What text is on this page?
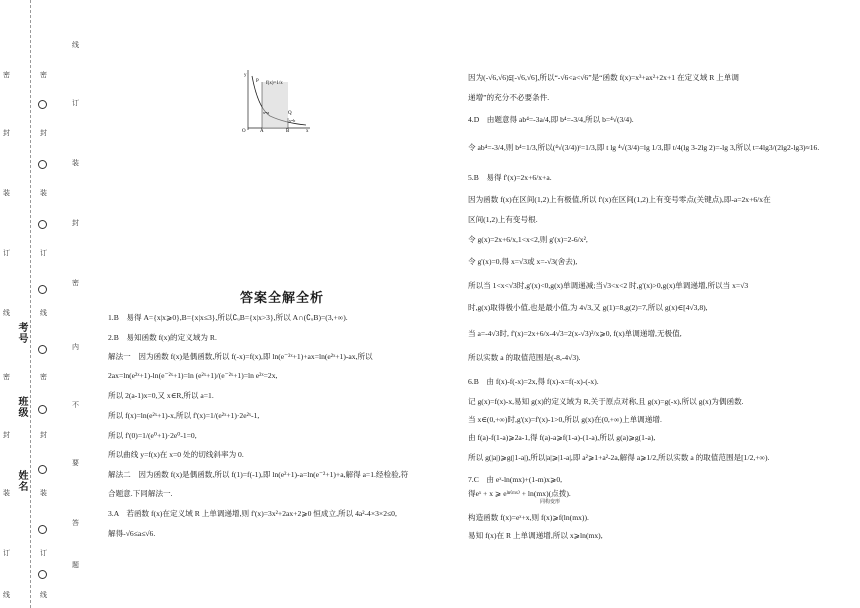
姓名
班级
考号
密
封
装
订
线
密
封
装
订
线
线
订
装
封
密
内
不
要
答
题
密
封
装
订
线
密
封
装
订
线
y
f(x)=1/x
P
Q
x=a
x=b
O	A	B	x
答案全解全析
1.B　易得 A={x|x⩾0},B={x|x≤3},所以∁ᵤB={x|x>3},所以 A∩(∁ᵤB)=(3,+∞).
2.B　易知函数 f(x)的定义域为 R.
解法一　因为函数 f(x)是偶函数,所以 f(-x)=f(x),即 ln(e⁻²ˣ+1)+ax=ln(e²ˣ+1)-ax,所以
2ax=ln(e²ˣ+1)-ln(e⁻²ˣ+1)=ln (e²ˣ+1)/(e⁻²ˣ+1)=ln e²ˣ=2x,
所以 2(a-1)x=0,又 x∈R,所以 a=1.
所以 f(x)=ln(e²ˣ+1)-x,所以 f'(x)=1/(e²ˣ+1)·2e²ˣ-1,
所以 f'(0)=1/(e⁰+1)·2e⁰-1=0,
所以曲线 y=f(x)在 x=0 处的切线斜率为 0.
解法二　因为函数 f(x)是偶函数,所以 f(1)=f(-1),即 ln(e²+1)-a=ln(e⁻²+1)+a,解得 a=1.经检验,符
合题意.下同解法一.
3.A　若函数 f(x)在定义域 R 上单调递增,则 f'(x)=3x²+2ax+2⩾0 恒成立,所以 4a²-4×3×2≤0,
解得-√6≤a≤√6.
因为(-√6,√6)⫋[-√6,√6],所以“-√6<a<√6”是“函数 f(x)=x³+ax²+2x+1 在定义域 R 上单调
递增”的充分不必要条件.
4.D　由题意得 ab⁴=-3a/4,即 b⁴=-3/4,所以 b=⁴√(3/4).
令 ab⁴=-3/4,则 b⁴=1/3,所以(⁴√(3/4))ᵗ=1/3,即 t lg ⁴√(3/4)=lg 1/3,即 t/4(lg 3-2lg 2)=-lg 3,所以 t=4lg3/(2lg2-lg3)≈16.
5.B　易得 f'(x)=2x+6/x+a.
因为函数 f(x)在区间(1,2)上有极值,所以 f'(x)在区间(1,2)上有变号零点(关键点),即-a=2x+6/x在
区间(1,2)上有变号根.
令 g(x)=2x+6/x,1<x<2,则 g'(x)=2-6/x²,
令 g'(x)=0,得 x=√3或 x=-√3(舍去),
所以当 1<x<√3时,g'(x)<0,g(x)单调递减;当√3<x<2 时,g'(x)>0,g(x)单调递增,所以当 x=√3
时,g(x)取得极小值,也是最小值,为 4√3,又 g(1)=8,g(2)=7,所以 g(x)∈[4√3,8),
当 a=-4√3时, f'(x)=2x+6/x-4√3=2(x-√3)²/x⩾0, f(x)单调递增,无极值,
所以实数 a 的取值范围是(-8,-4√3).
6.B　由 f(x)-f(-x)=2x,得 f(x)-x=f(-x)-(-x).
记 g(x)=f(x)-x,易知 g(x)的定义域为 R,关于原点对称,且 g(x)=g(-x),所以 g(x)为偶函数.
当 x∈(0,+∞)时,g'(x)=f'(x)-1>0,所以 g(x)在(0,+∞)上单调递增.
由 f(a)-f(1-a)⩾2a-1,得 f(a)-a⩾f(1-a)-(1-a),所以 g(a)⩾g(1-a),
所以 g(|a|)⩾g(|1-a|),所以|a|⩾|1-a|,即 a²⩾1+a²-2a,解得 a⩾1/2,所以实数 a 的取值范围是[1/2,+∞).
7.C　由 eˣ-ln(mx)+(1-m)x⩾0,
得eˣ + x ⩾ eˡⁿ⁽ᵐˣ⁾ + ln(mx)(点拨).
同构变形
构造函数 f(x)=eˣ+x,则 f(x)⩾f(ln(mx)).
易知 f(x)在 R 上单调递增,所以 x⩾ln(mx),
